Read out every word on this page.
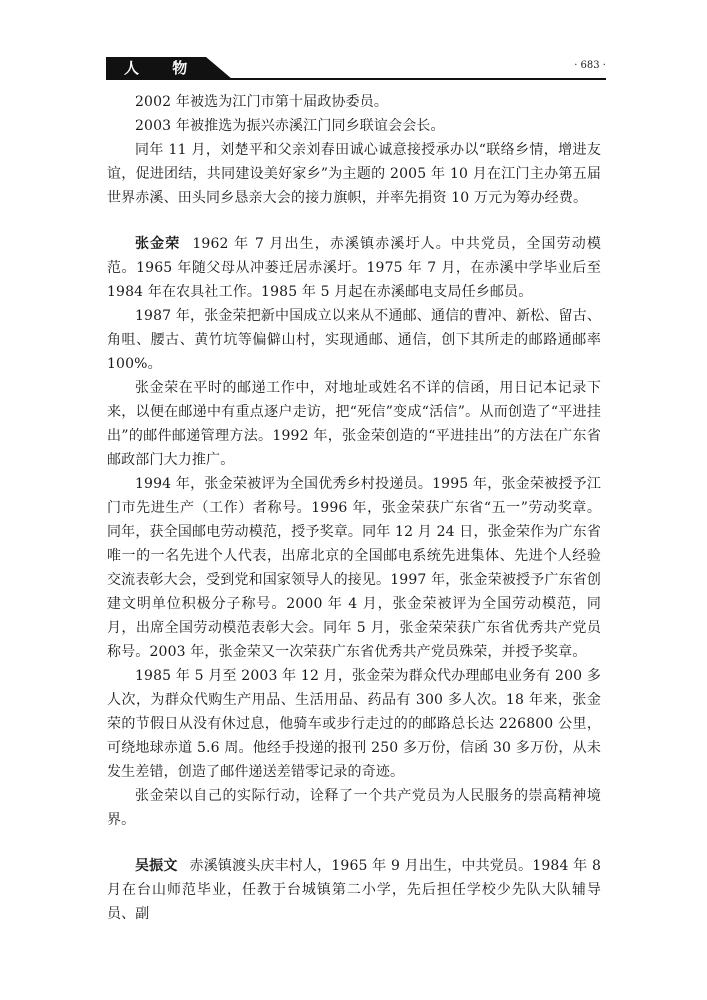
人 物	· 683 ·

2002 年被选为江门市第十届政协委员。

2003 年被推选为振兴赤溪江门同乡联谊会会长。

同年 11 月，刘楚平和父亲刘春田诚心诚意接授承办以“联络乡情，增进友谊，促进团结，共同建设美好家乡”为主题的 2005 年 10 月在江门主办第五届世界赤溪、田头同乡恳亲大会的接力旗帜，并率先捐资 10 万元为筹办经费。

张金荣 1962 年 7 月出生，赤溪镇赤溪圩人。中共党员，全国劳动模范。1965 年随父母从冲蒌迁居赤溪圩。1975 年 7 月，在赤溪中学毕业后至 1984 年在农具社工作。1985 年 5 月起在赤溪邮电支局任乡邮员。

1987 年，张金荣把新中国成立以来从不通邮、通信的曹冲、新松、留古、角咀、腰古、黄竹坑等偏僻山村，实现通邮、通信，创下其所走的邮路通邮率 100%。

张金荣在平时的邮递工作中，对地址或姓名不详的信函，用日记本记录下来，以便在邮递中有重点逐户走访，把“死信”变成“活信”。从而创造了“平进挂出”的邮件邮递管理方法。1992 年，张金荣创造的“平进挂出”的方法在广东省邮政部门大力推广。

1994 年，张金荣被评为全国优秀乡村投递员。1995 年，张金荣被授予江门市先进生产（工作）者称号。1996 年，张金荣获广东省“五一”劳动奖章。同年，获全国邮电劳动模范，授予奖章。同年 12 月 24 日，张金荣作为广东省唯一的一名先进个人代表，出席北京的全国邮电系统先进集体、先进个人经验交流表彰大会，受到党和国家领导人的接见。1997 年，张金荣被授予广东省创建文明单位积极分子称号。2000 年 4 月，张金荣被评为全国劳动模范，同月，出席全国劳动模范表彰大会。同年 5 月，张金荣荣获广东省优秀共产党员称号。2003 年，张金荣又一次荣获广东省优秀共产党员殊荣，并授予奖章。

1985 年 5 月至 2003 年 12 月，张金荣为群众代办理邮电业务有 200 多人次，为群众代购生产用品、生活用品、药品有 300 多人次。18 年来，张金荣的节假日从没有休过息，他骑车或步行走过的的邮路总长达 226800 公里，可绕地球赤道 5.6 周。他经手投递的报刊 250 多万份，信函 30 多万份，从未发生差错，创造了邮件递送差错零记录的奇迹。

张金荣以自己的实际行动，诠释了一个共产党员为人民服务的崇高精神境界。

吴振文 赤溪镇渡头庆丰村人，1965 年 9 月出生，中共党员。1984 年 8 月在台山师范毕业，任教于台城镇第二小学，先后担任学校少先队大队辅导员、副
